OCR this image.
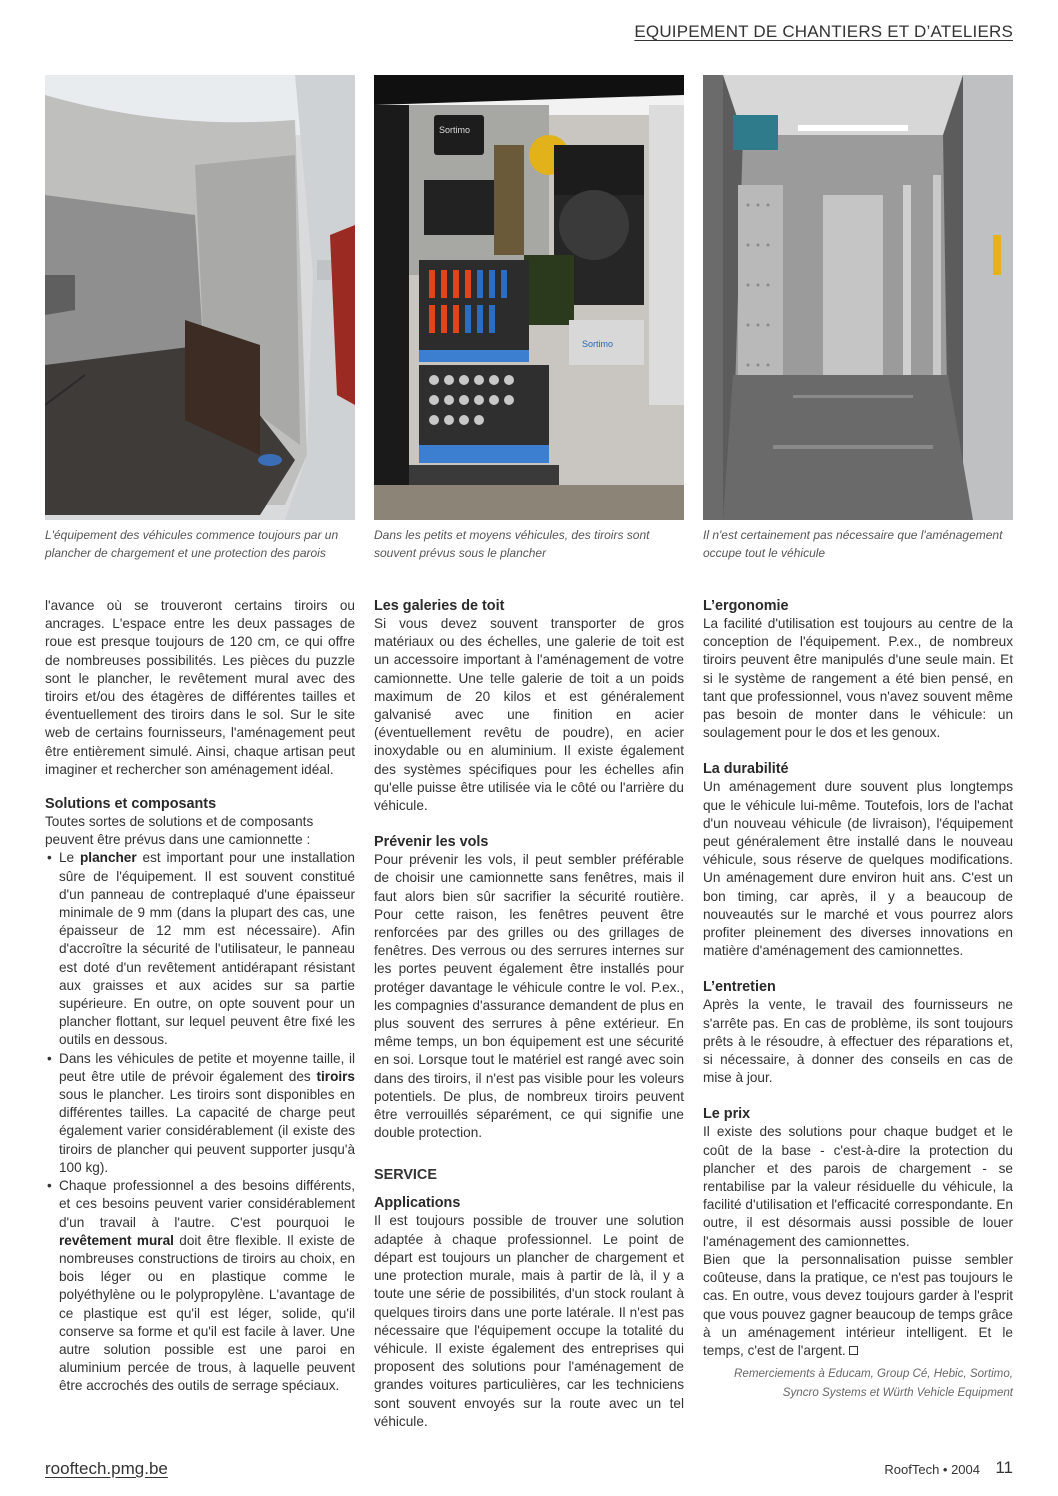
EQUIPEMENT DE CHANTIERS ET D’ATELIERS
Sortimo
Sortimo
L'équipement des véhicules commence toujours par un plancher de chargement et une protection des parois
Dans les petits et moyens véhicules, des tiroirs sont souvent prévus sous le plancher
Il n'est certainement pas nécessaire que l'aménagement occupe tout le véhicule

l'avance où se trouveront certains tiroirs ou ancrages. L'espace entre les deux passages de roue est presque toujours de 120 cm, ce qui offre de nombreuses possibilités. Les pièces du puzzle sont le plancher, le revêtement mural avec des tiroirs et/ou des étagères de différentes tailles et éventuellement des tiroirs dans le sol. Sur le site web de certains fournisseurs, l'aménagement peut être entièrement simulé. Ainsi, chaque artisan peut imaginer et rechercher son aménagement idéal.

Solutions et composants

Toutes sortes de solutions et de composants peuvent être prévus dans une camionnette :

• Le plancher est important pour une installation sûre de l'équipement. Il est souvent constitué d'un panneau de contreplaqué d'une épaisseur minimale de 9 mm (dans la plupart des cas, une épaisseur de 12 mm est nécessaire). Afin d'accroître la sécurité de l'utilisateur, le panneau est doté d'un revêtement antidérapant résistant aux graisses et aux acides sur sa partie supérieure. En outre, on opte souvent pour un plancher flottant, sur lequel peuvent être fixé les outils en dessous.
• Dans les véhicules de petite et moyenne taille, il peut être utile de prévoir également des tiroirs sous le plancher. Les tiroirs sont disponibles en différentes tailles. La capacité de charge peut également varier considérablement (il existe des tiroirs de plancher qui peuvent supporter jusqu'à 100 kg).
• Chaque professionnel a des besoins différents, et ces besoins peuvent varier considérablement d'un travail à l'autre. C'est pourquoi le revêtement mural doit être flexible. Il existe de nombreuses constructions de tiroirs au choix, en bois léger ou en plastique comme le polyéthylène ou le polypropylène. L'avantage de ce plastique est qu'il est léger, solide, qu'il conserve sa forme et qu'il est facile à laver. Une autre solution possible est une paroi en aluminium percée de trous, à laquelle peuvent être accrochés des outils de serrage spéciaux.
Les galeries de toit

Si vous devez souvent transporter de gros matériaux ou des échelles, une galerie de toit est un accessoire important à l'aménagement de votre camionnette. Une telle galerie de toit a un poids maximum de 20 kilos et est généralement galvanisé avec une finition en acier (éventuellement revêtu de poudre), en acier inoxydable ou en aluminium. Il existe également des systèmes spécifiques pour les échelles afin qu'elle puisse être utilisée via le côté ou l'arrière du véhicule.

Prévenir les vols

Pour prévenir les vols, il peut sembler préférable de choisir une camionnette sans fenêtres, mais il faut alors bien sûr sacrifier la sécurité routière. Pour cette raison, les fenêtres peuvent être renforcées par des grilles ou des grillages de fenêtres. Des verrous ou des serrures internes sur les portes peuvent également être installés pour protéger davantage le véhicule contre le vol. P.ex., les compagnies d'assurance demandent de plus en plus souvent des serrures à pêne extérieur. En même temps, un bon équipement est une sécurité en soi. Lorsque tout le matériel est rangé avec soin dans des tiroirs, il n'est pas visible pour les voleurs potentiels. De plus, de nombreux tiroirs peuvent être verrouillés séparément, ce qui signifie une double protection.

SERVICE
Applications

Il est toujours possible de trouver une solution adaptée à chaque professionnel. Le point de départ est toujours un plancher de chargement et une protection murale, mais à partir de là, il y a toute une série de possibilités, d'un stock roulant à quelques tiroirs dans une porte latérale. Il n'est pas nécessaire que l'équipement occupe la totalité du véhicule. Il existe également des entreprises qui proposent des solutions pour l'aménagement de grandes voitures particulières, car les techniciens sont souvent envoyés sur la route avec un tel véhicule.

L’ergonomie

La facilité d'utilisation est toujours au centre de la conception de l'équipement. P.ex., de nombreux tiroirs peuvent être manipulés d'une seule main. Et si le système de rangement a été bien pensé, en tant que professionnel, vous n'avez souvent même pas besoin de monter dans le véhicule: un soulagement pour le dos et les genoux.

La durabilité

Un aménagement dure souvent plus longtemps que le véhicule lui-même. Toutefois, lors de l'achat d'un nouveau véhicule (de livraison), l'équipement peut généralement être installé dans le nouveau véhicule, sous réserve de quelques modifications. Un aménagement dure environ huit ans. C'est un bon timing, car après, il y a beaucoup de nouveautés sur le marché et vous pourrez alors profiter pleinement des diverses innovations en matière d'aménagement des camionnettes.

L’entretien

Après la vente, le travail des fournisseurs ne s'arrête pas. En cas de problème, ils sont toujours prêts à le résoudre, à effectuer des réparations et, si nécessaire, à donner des conseils en cas de mise à jour.

Le prix

Il existe des solutions pour chaque budget et le coût de la base - c'est-à-dire la protection du plancher et des parois de chargement - se rentabilise par la valeur résiduelle du véhicule, la facilité d'utilisation et l'efficacité correspondante. En outre, il est désormais aussi possible de louer l'aménagement des camionnettes.

Bien que la personnalisation puisse sembler coûteuse, dans la pratique, ce n'est pas toujours le cas. En outre, vous devez toujours garder à l'esprit que vous pouvez gagner beaucoup de temps grâce à un aménagement intérieur intelligent. Et le temps, c'est de l'argent.

Remerciements à Educam, Group Cé, Hebic, Sortimo, Syncro Systems et Würth Vehicle Equipment

rooftech.pmg.be	RoofTech • 2004 11
